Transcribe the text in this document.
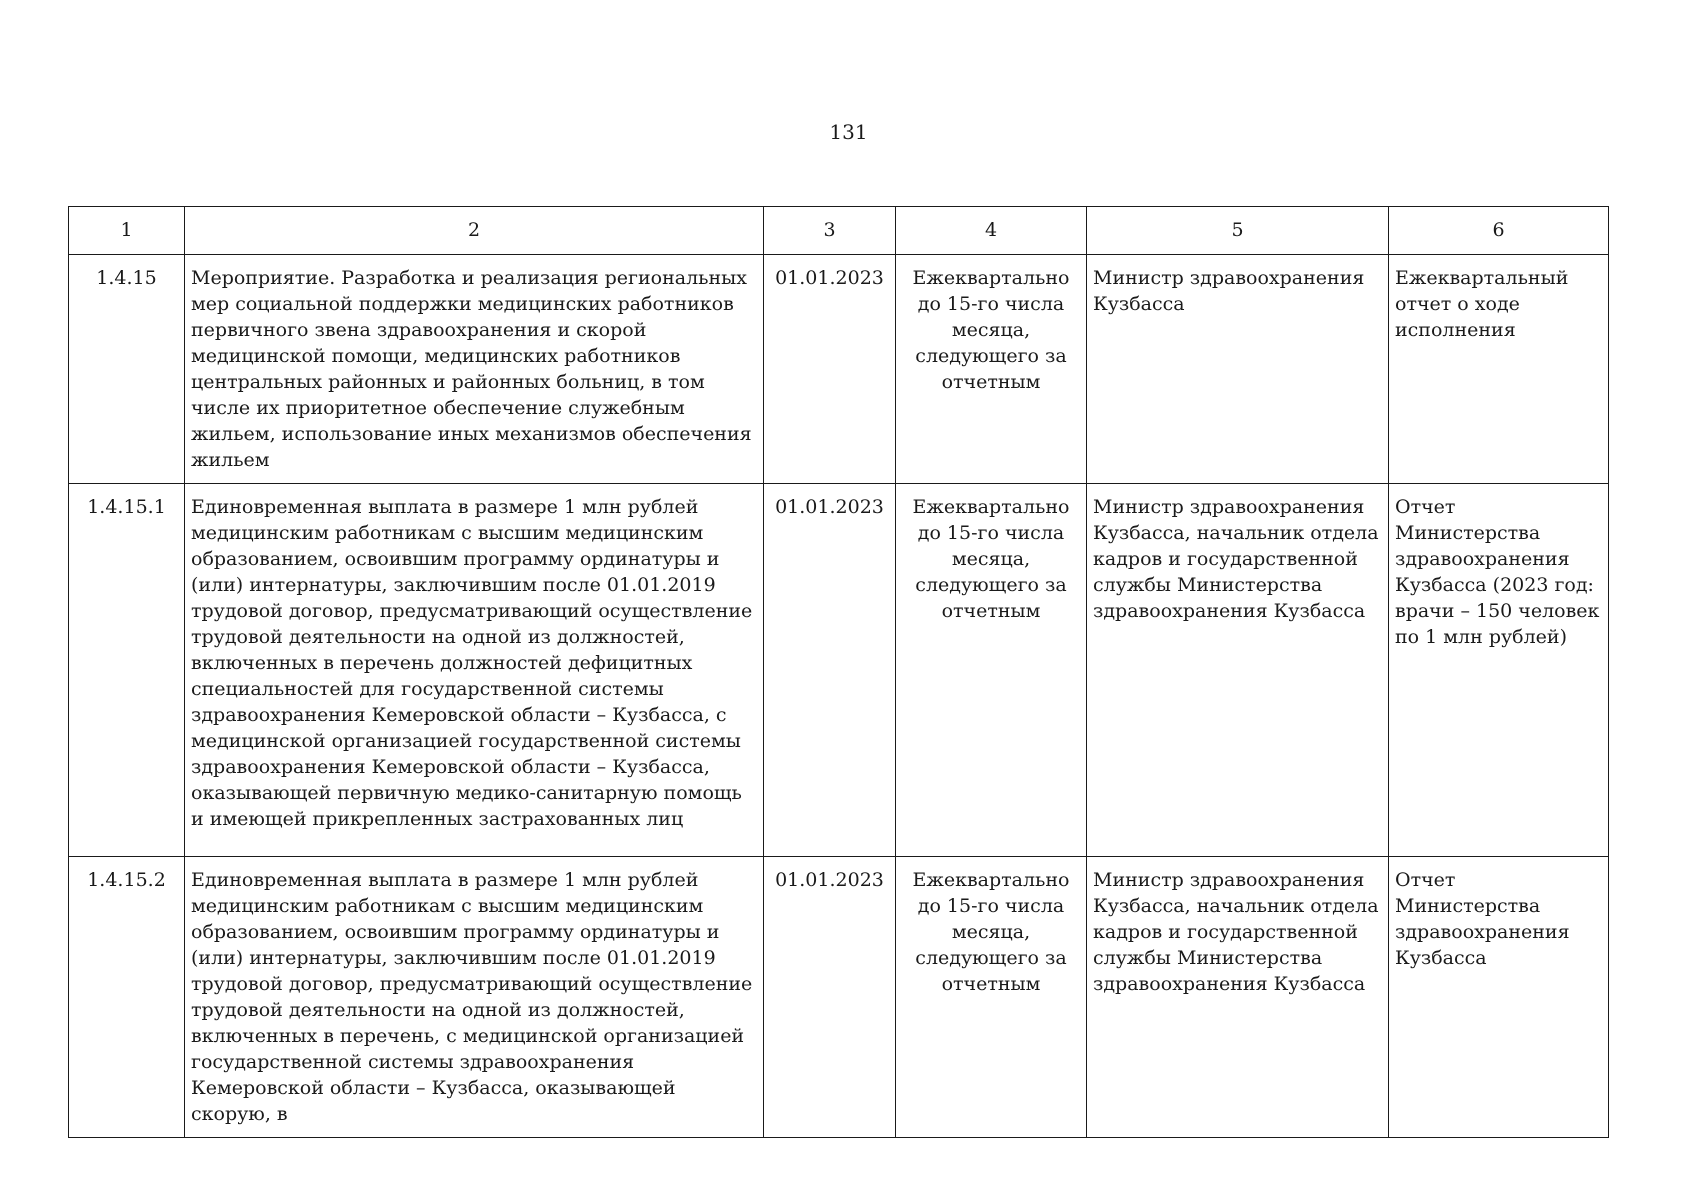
131
1	2	3	4	5	6
1.4.15	Мероприятие. Разработка и реализация региональных мер социальной поддержки медицинских работников первичного звена здравоохранения и скорой медицинской помощи, медицинских работников центральных районных и районных больниц, в том числе их приоритетное обеспечение служебным жильем, использование иных механизмов обеспечения жильем	01.01.2023	Ежеквартально до 15-го числа месяца, следующего за отчетным	Министр здравоохранения Кузбасса	Ежеквартальный отчет о ходе исполнения
1.4.15.1	Единовременная выплата в размере 1 млн рублей медицинским работникам с высшим медицинским образованием, освоившим программу ординатуры и (или) интернатуры, заключившим после 01.01.2019 трудовой договор, предусматривающий осуществление трудовой деятельности на одной из должностей, включенных в перечень должностей дефицитных специальностей для государственной системы здравоохранения Кемеровской области – Кузбасса, с медицинской организацией государственной системы здравоохранения Кемеровской области – Кузбасса, оказывающей первичную медико-санитарную помощь и имеющей прикрепленных застрахованных лиц	01.01.2023	Ежеквартально до 15-го числа месяца, следующего за отчетным	Министр здравоохранения Кузбасса, начальник отдела кадров и государственной службы Министерства здравоохранения Кузбасса	Отчет Министерства здравоохранения Кузбасса (2023 год: врачи – 150 человек по 1 млн рублей)
1.4.15.2	Единовременная выплата в размере 1 млн рублей медицинским работникам с высшим медицинским образованием, освоившим программу ординатуры и (или) интернатуры, заключившим после 01.01.2019 трудовой договор, предусматривающий осуществление трудовой деятельности на одной из должностей, включенных в перечень, с медицинской организацией государственной системы здравоохранения Кемеровской области – Кузбасса, оказывающей скорую, в	01.01.2023	Ежеквартально до 15-го числа месяца, следующего за отчетным	Министр здравоохранения Кузбасса, начальник отдела кадров и государственной службы Министерства здравоохранения Кузбасса	Отчет Министерства здравоохранения Кузбасса
